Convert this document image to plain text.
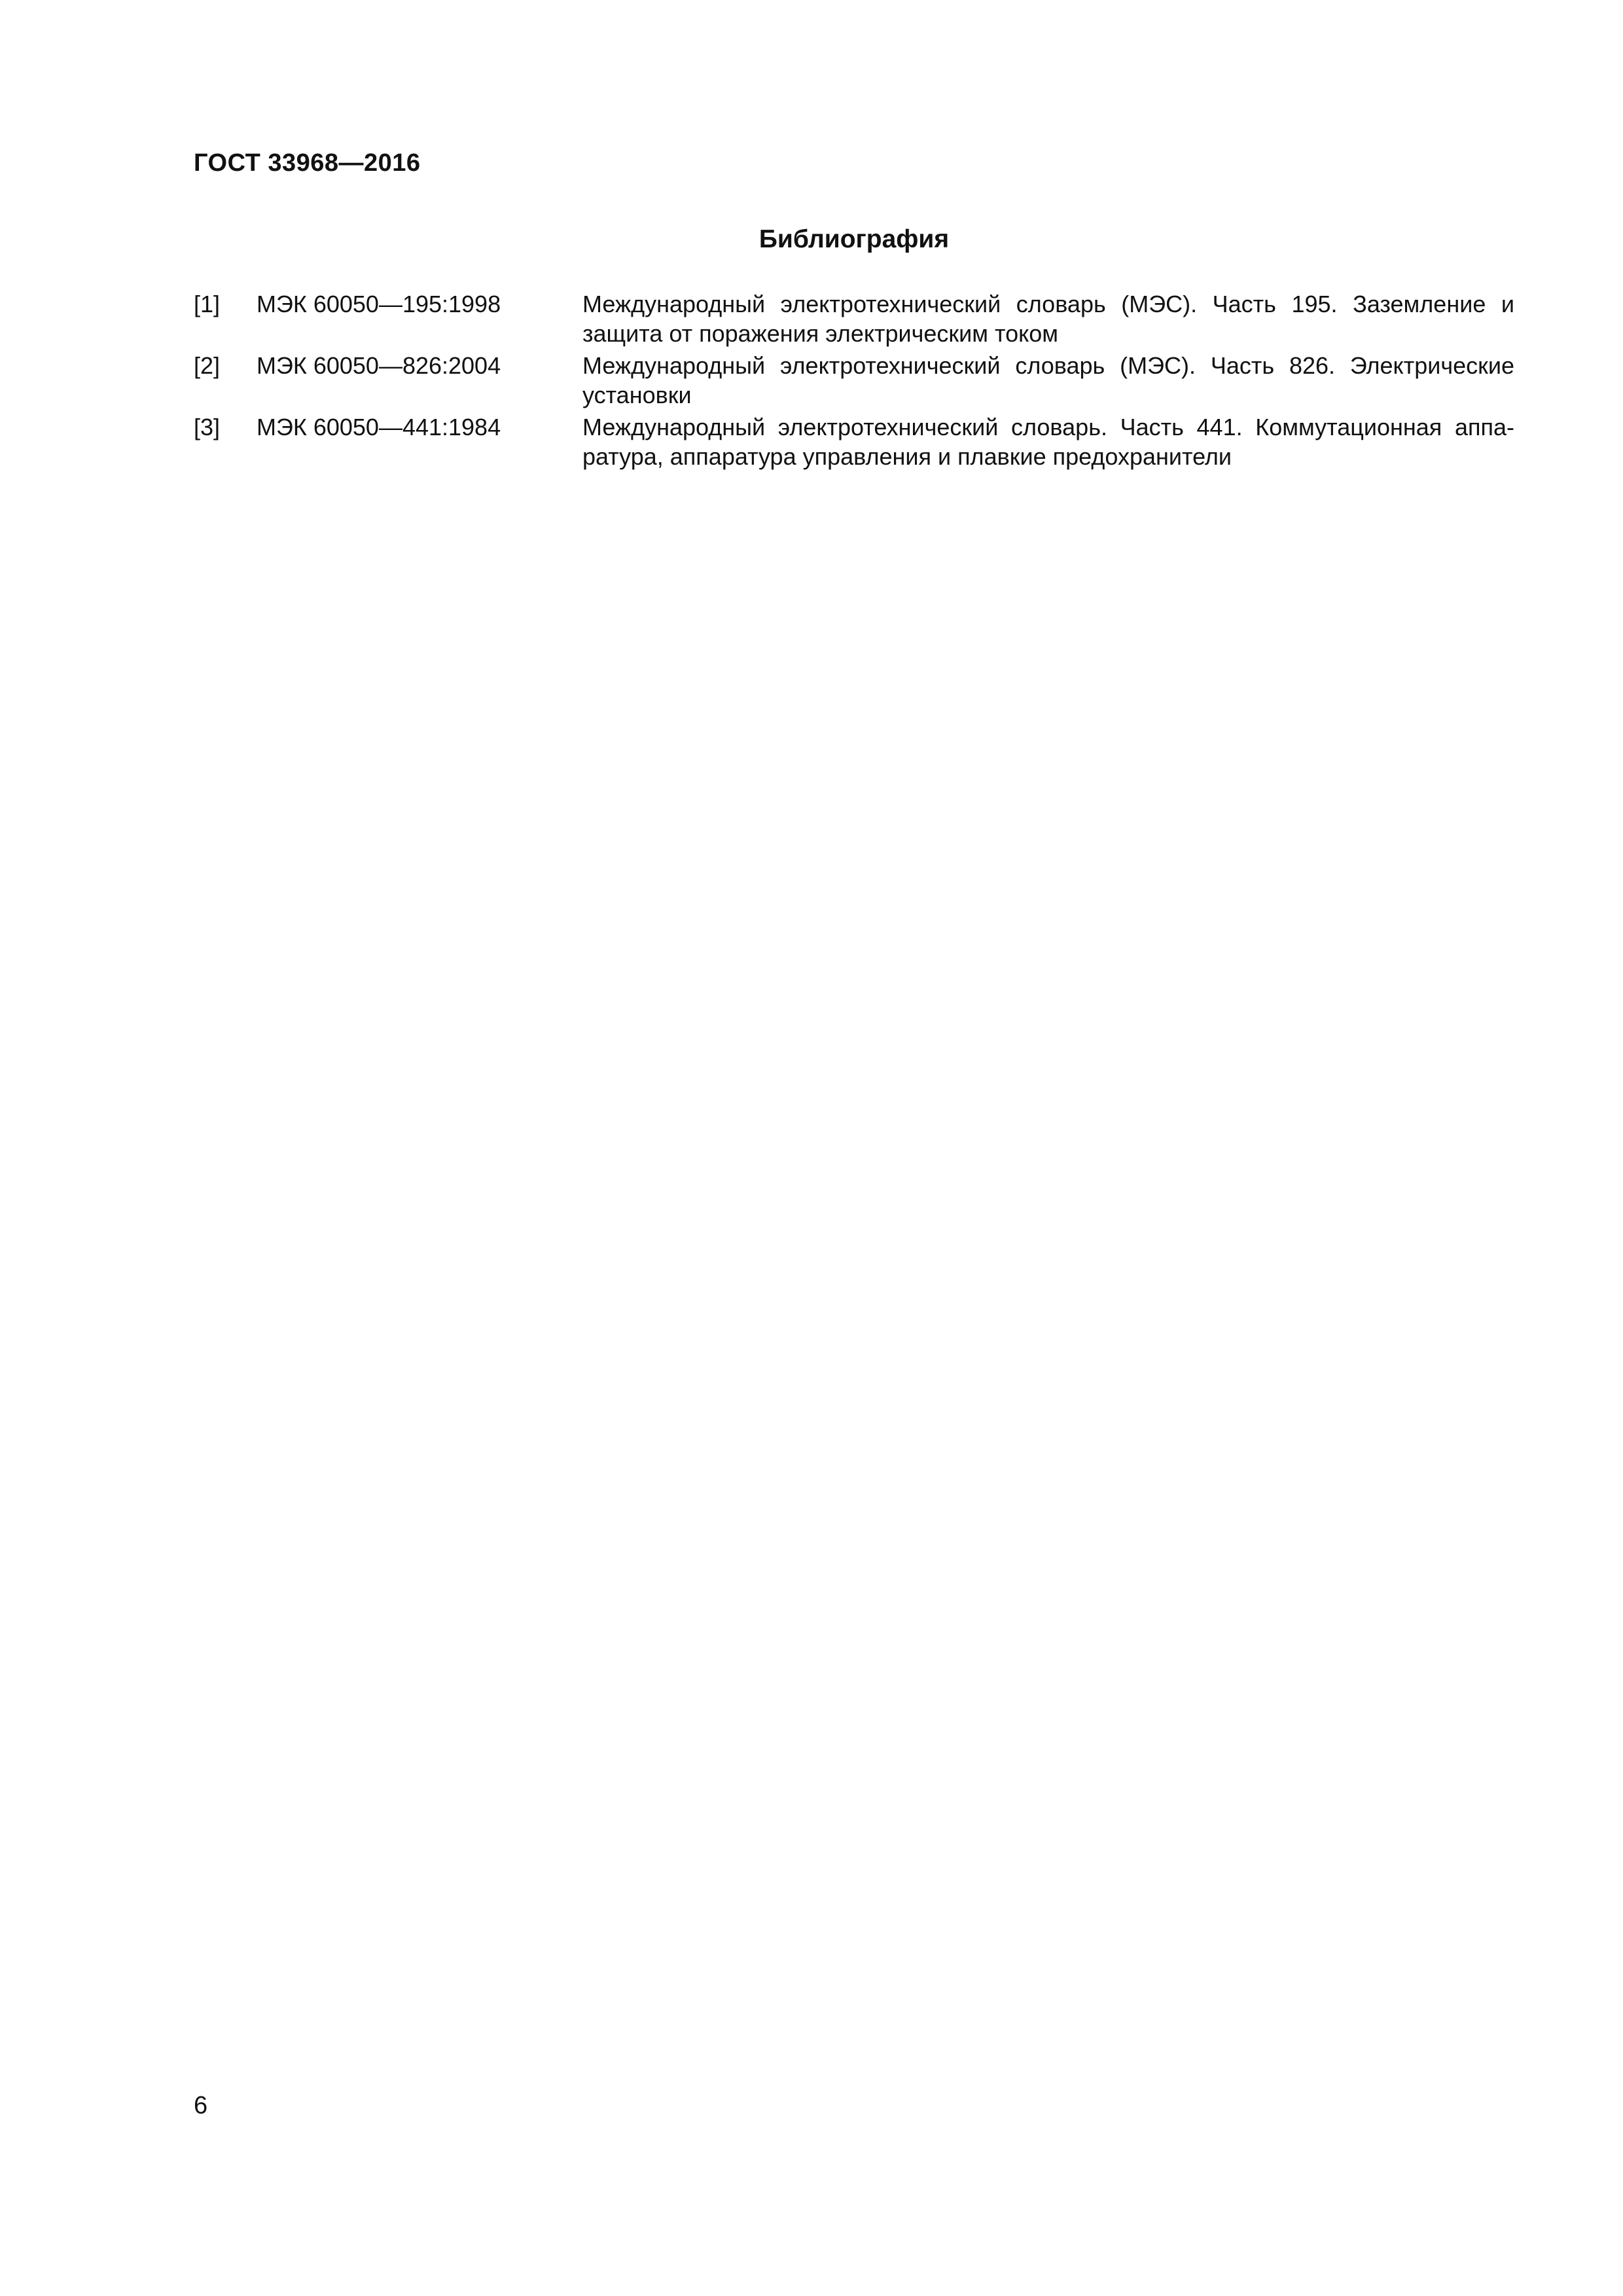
ГОСТ 33968—2016
Библиография
[1]	МЭК 60050—195:1998	Международный электротехнический словарь (МЭС). Часть 195. Заземление и защита от поражения электрическим током
[2]	МЭК 60050—826:2004	Международный электротехнический словарь (МЭС). Часть 826. Электрические установки
[3]	МЭК 60050—441:1984	Международный электротехнический словарь. Часть 441. Коммутационная аппаратура, аппаратура управления и плавкие предохранители
6
